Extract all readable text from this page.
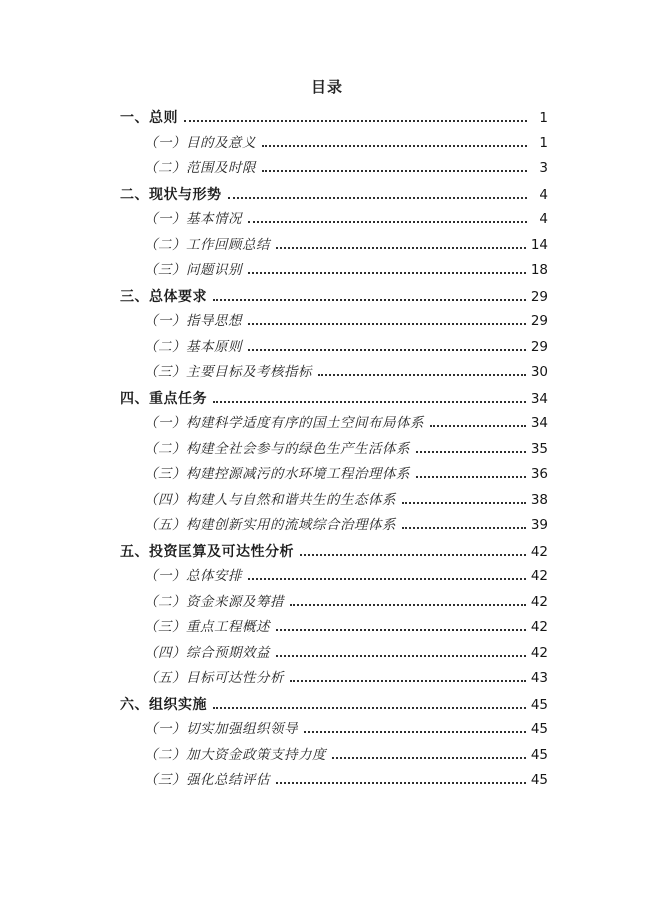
目录
一、总则	1
（一）目的及意义	1
（二）范围及时限	3
二、现状与形势	4
（一）基本情况	4
（二）工作回顾总结	14
（三）问题识别	18
三、总体要求	29
（一）指导思想	29
（二）基本原则	29
（三）主要目标及考核指标	30
四、重点任务	34
（一）构建科学适度有序的国土空间布局体系	34
（二）构建全社会参与的绿色生产生活体系	35
（三）构建控源减污的水环境工程治理体系	36
（四）构建人与自然和谐共生的生态体系	38
（五）构建创新实用的流域综合治理体系	39
五、投资匡算及可达性分析	42
（一）总体安排	42
（二）资金来源及筹措	42
（三）重点工程概述	42
（四）综合预期效益	42
（五）目标可达性分析	43
六、组织实施	45
（一）切实加强组织领导	45
（二）加大资金政策支持力度	45
（三）强化总结评估	45
